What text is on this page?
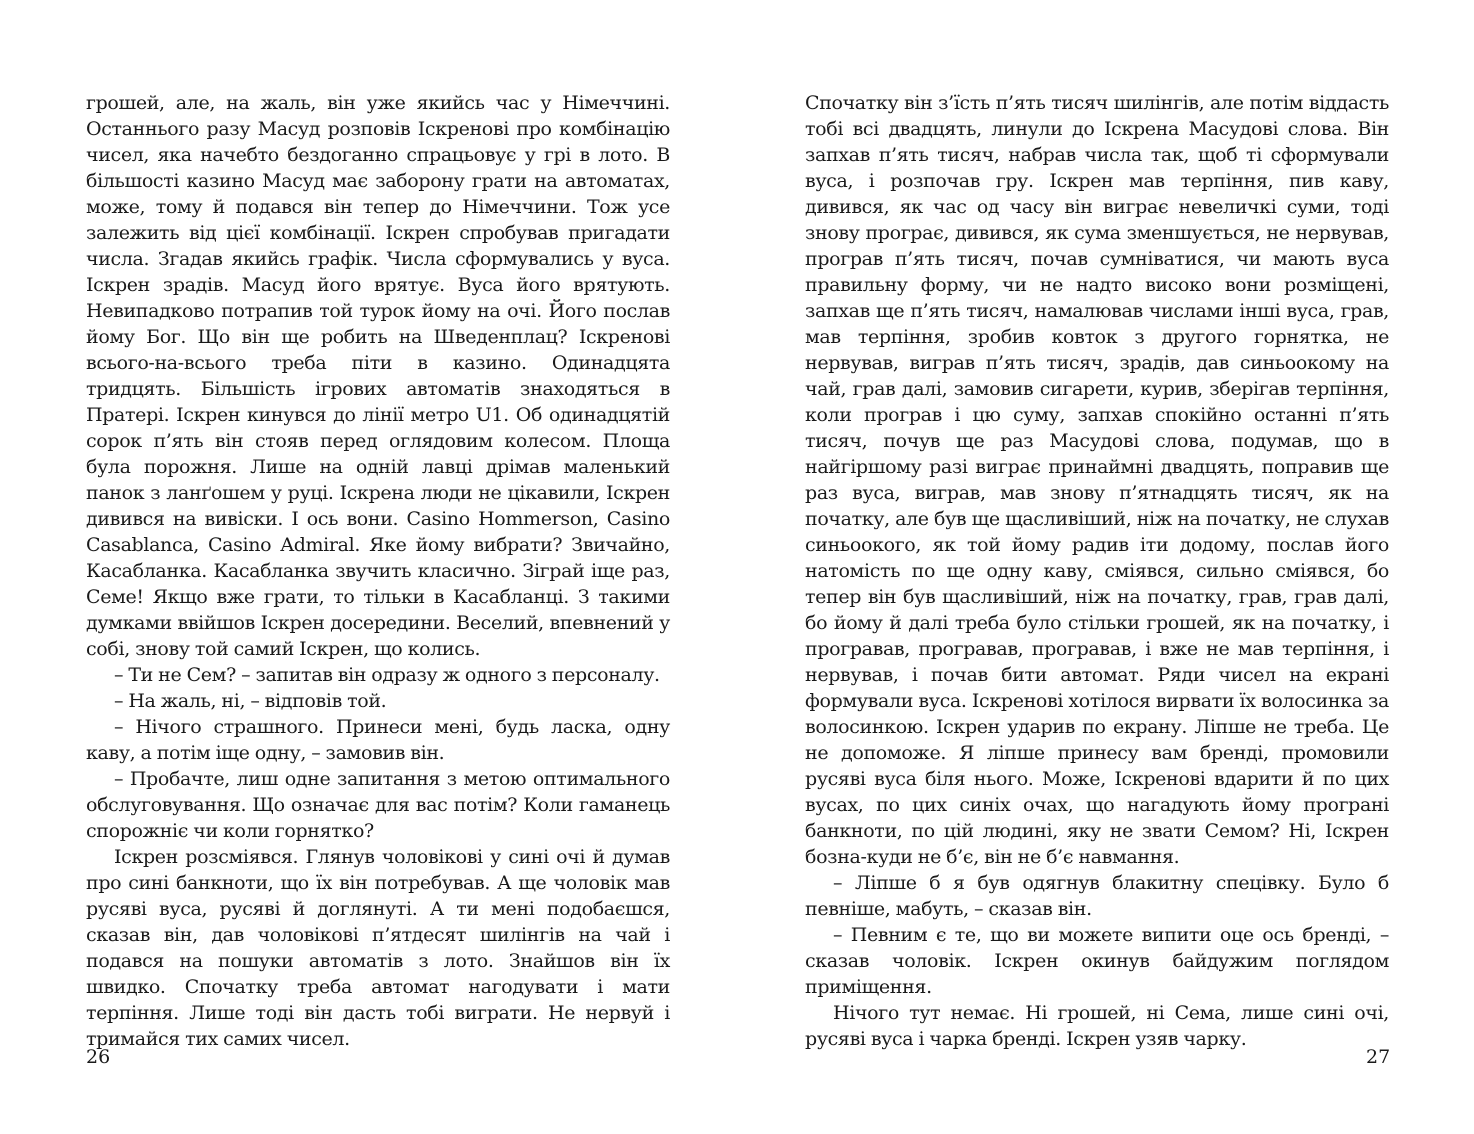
грошей, але, на жаль, він уже якийсь час у Німеччині. Останнього разу Масуд розповів Іскренові про комбінацію чисел, яка начебто бездоганно спрацьовує у грі в лото. В більшості казино Масуд має заборону грати на автоматах, може, тому й подався він тепер до Німеччини. Тож усе залежить від цієї комбінації. Іскрен спробував пригадати числа. Згадав якийсь графік. Числа сформувались у вуса. Іскрен зрадів. Масуд його врятує. Вуса його врятують. Невипадково потрапив той турок йому на очі. Його послав йому Бог. Що він ще робить на Шведенплац? Іскренові всього-на-всього треба піти в казино. Одинадцята тридцять. Більшість ігрових автоматів знаходяться в Пратері. Іскрен кинувся до лінії метро U1. Об одинадцятій сорок п’ять він стояв перед оглядовим колесом. Площа була порожня. Лише на одній лавці дрімав маленький панок з ланґошем у руці. Іскрена люди не цікавили, Іскрен дивився на вивіски. І ось вони. Casino Hommerson, Casino Casablanca, Casino Admiral. Яке йому вибрати? Звичайно, Касабланка. Касабланка звучить класично. Зіграй іще раз, Семе! Якщо вже грати, то тільки в Касабланці. З такими думками ввійшов Іскрен досередини. Веселий, впевнений у собі, знову той самий Іскрен, що колись.

– Ти не Сем? – запитав він одразу ж одного з персоналу.

– На жаль, ні, – відповів той.

– Нічого страшного. Принеси мені, будь ласка, одну каву, а потім іще одну, – замовив він.

– Пробачте, лиш одне запитання з метою оптимального обслуговування. Що означає для вас потім? Коли гаманець спорожніє чи коли горнятко?

Іскрен розсміявся. Глянув чоловікові у сині очі й думав про сині банкноти, що їх він потребував. А ще чоловік мав русяві вуса, русяві й доглянуті. А ти мені подобаєшся, сказав він, дав чоловікові п’ятдесят шилінгів на чай і подався на пошуки автоматів з лото. Знайшов він їх швидко. Спочатку треба автомат нагодувати і мати терпіння. Лише тоді він дасть тобі виграти. Не нервуй і тримайся тих самих чисел.

26

Спочатку він з’їсть п’ять тисяч шилінгів, але потім віддасть тобі всі двадцять, линули до Іскрена Масудові слова. Він запхав п’ять тисяч, набрав числа так, щоб ті сформували вуса, і розпочав гру. Іскрен мав терпіння, пив каву, дивився, як час од часу він виграє невеличкі суми, тоді знову програє, дивився, як сума зменшується, не нервував, програв п’ять тисяч, почав сумніватися, чи мають вуса правильну форму, чи не надто високо вони розміщені, запхав ще п’ять тисяч, намалював числами інші вуса, грав, мав терпіння, зробив ковток з другого горнятка, не нервував, виграв п’ять тисяч, зрадів, дав синьоокому на чай, грав далі, замовив сигарети, курив, зберігав терпіння, коли програв і цю суму, запхав спокійно останні п’ять тисяч, почув ще раз Масудові слова, подумав, що в найгіршому разі виграє принаймні двадцять, поправив ще раз вуса, виграв, мав знову п’ятнадцять тисяч, як на початку, але був ще щасливіший, ніж на початку, не слухав синьоокого, як той йому радив іти додому, послав його натомість по ще одну каву, сміявся, сильно сміявся, бо тепер він був щасливіший, ніж на початку, грав, грав далі, бо йому й далі треба було стільки грошей, як на початку, і програвав, програвав, програвав, і вже не мав терпіння, і нервував, і почав бити автомат. Ряди чисел на екрані формували вуса. Іскренові хотілося вирвати їх волосинка за волосинкою. Іскрен ударив по екрану. Ліпше не треба. Це не допоможе. Я ліпше принесу вам бренді, промовили русяві вуса біля нього. Може, Іскренові вдарити й по цих вусах, по цих синіх очах, що нагадують йому програні банкноти, по цій людині, яку не звати Семом? Ні, Іскрен бозна-куди не б’є, він не б’є навмання.

– Ліпше б я був одягнув блакитну спецівку. Було б певніше, мабуть, – сказав він.

– Певним є те, що ви можете випити оце ось бренді, – сказав чоловік. Іскрен окинув байдужим поглядом приміщення.

Нічого тут немає. Ні грошей, ні Сема, лише сині очі, русяві вуса і чарка бренді. Іскрен узяв чарку.

27
